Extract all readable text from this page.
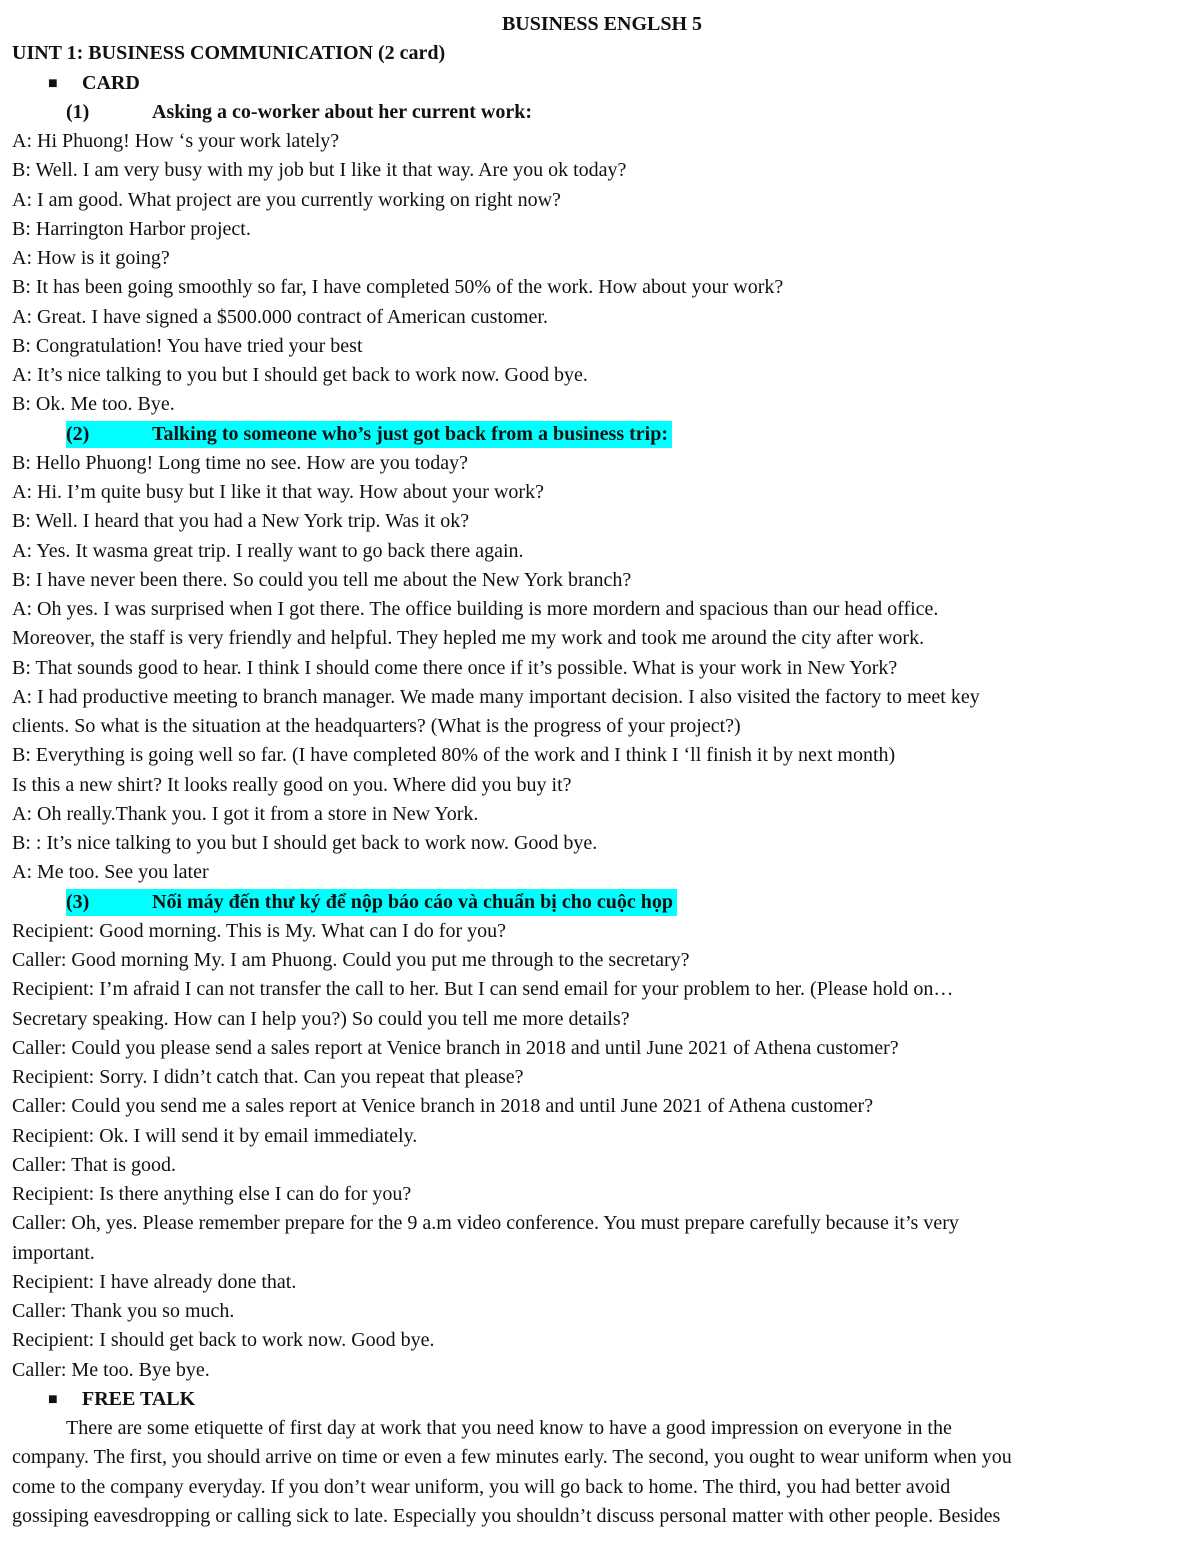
BUSINESS ENGLSH 5
UINT 1: BUSINESS COMMUNICATION (2 card)
■ CARD
(1)	Asking a co-worker about her current work:
A: Hi Phuong! How ‘s your work lately?
B: Well. I am very busy with my job but I like it that way. Are you ok today?
A: I am good. What project are you currently working on right now?
B: Harrington Harbor project.
A: How is it going?
B: It has been going smoothly so far, I have completed 50% of the work. How about your work?
A: Great. I have signed a $500.000 contract of American customer.
B: Congratulation! You have tried your best
A: It’s nice talking to you but I should get back to work now. Good bye.
B: Ok. Me too. Bye.
(2)	Talking to someone who’s just got back from a business trip:
B: Hello Phuong! Long time no see. How are you today?
A: Hi. I’m quite busy but I like it that way. How about your work?
B: Well. I heard that you had a New York trip. Was it ok?
A: Yes. It wasma great trip. I really want to go back there again.
B: I have never been there. So could you tell me about the New York branch?
A: Oh yes. I was surprised when I got there. The office building is more mordern and spacious than our head office.
Moreover, the staff is very friendly and helpful. They hepled me my work and took me around the city after work.
B: That sounds good to hear. I think I should come there once if it’s possible. What is your work in New York?
A: I had productive meeting to branch manager. We made many important decision. I also visited the factory to meet key
clients. So what is the situation at the headquarters? (What is the progress of your project?)
B: Everything is going well so far. (I have completed 80% of the work and I think I ‘ll finish it by next month)
Is this a new shirt? It looks really good on you. Where did you buy it?
A: Oh really.Thank you. I got it from a store in New York.
B: : It’s nice talking to you but I should get back to work now. Good bye.
A: Me too. See you later
(3)	Nối máy đến thư ký để nộp báo cáo và chuẩn bị cho cuộc họp
Recipient: Good morning. This is My. What can I do for you?
Caller: Good morning My. I am Phuong. Could you put me through to the secretary?
Recipient: I’m afraid I can not transfer the call to her. But I can send email for your problem to her. (Please hold on…
Secretary speaking. How can I help you?) So could you tell me more details?
Caller: Could you please send a sales report at Venice branch in 2018 and until June 2021 of Athena customer?
Recipient: Sorry. I didn’t catch that. Can you repeat that please?
Caller: Could you send me a sales report at Venice branch in 2018 and until June 2021 of Athena customer?
Recipient: Ok. I will send it by email immediately.
Caller: That is good.
Recipient: Is there anything else I can do for you?
Caller: Oh, yes. Please remember prepare for the 9 a.m video conference. You must prepare carefully because it’s very
important.
Recipient: I have already done that.
Caller: Thank you so much.
Recipient: I should get back to work now. Good bye.
Caller: Me too. Bye bye.
■ FREE TALK
There are some etiquette of first day at work that you need know to have a good impression on everyone in the
company. The first, you should arrive on time or even a few minutes early. The second, you ought to wear uniform when you
come to the company everyday. If you don’t wear uniform, you will go back to home. The third, you had better avoid
gossiping eavesdropping or calling sick to late. Especially you shouldn’t discuss personal matter with other people. Besides
